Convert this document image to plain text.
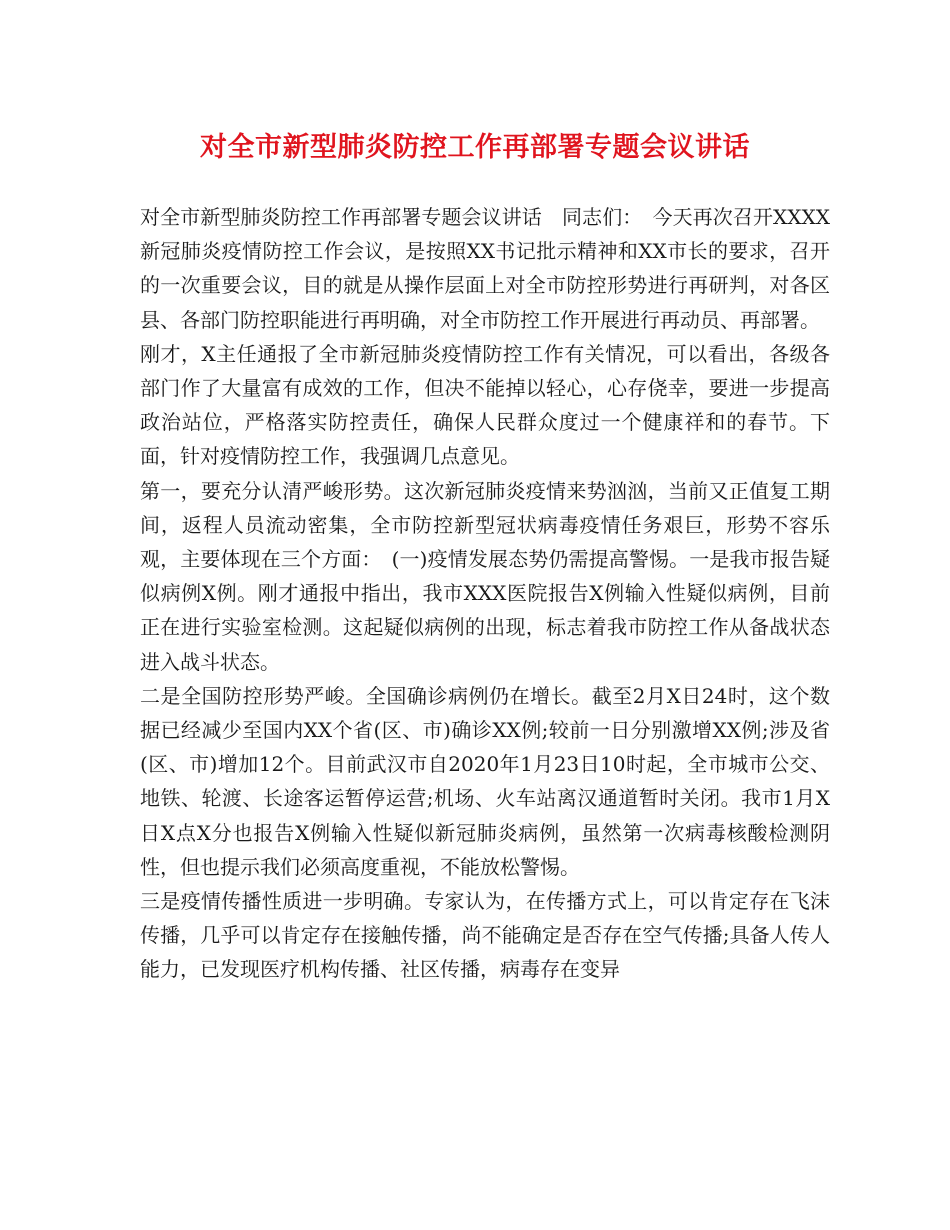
对全市新型肺炎防控工作再部署专题会议讲话

对全市新型肺炎防控工作再部署专题会议讲话　同志们：　今天再次召开XXXX新冠肺炎疫情防控工作会议，是按照XX书记批示精神和XX市长的要求，召开的一次重要会议，目的就是从操作层面上对全市防控形势进行再研判，对各区县、各部门防控职能进行再明确，对全市防控工作开展进行再动员、再部署。

刚才，X主任通报了全市新冠肺炎疫情防控工作有关情况，可以看出，各级各部门作了大量富有成效的工作，但决不能掉以轻心，心存侥幸，要进一步提高政治站位，严格落实防控责任，确保人民群众度过一个健康祥和的春节。下面，针对疫情防控工作，我强调几点意见。

第一，要充分认清严峻形势。这次新冠肺炎疫情来势汹汹，当前又正值复工期间，返程人员流动密集，全市防控新型冠状病毒疫情任务艰巨，形势不容乐观，主要体现在三个方面：　(一)疫情发展态势仍需提高警惕。一是我市报告疑似病例X例。刚才通报中指出，我市XXX医院报告X例输入性疑似病例，目前正在进行实验室检测。这起疑似病例的出现，标志着我市防控工作从备战状态进入战斗状态。

二是全国防控形势严峻。全国确诊病例仍在增长。截至2月X日24时，这个数据已经减少至国内XX个省(区、市)确诊XX例;较前一日分别激增XX例;涉及省(区、市)增加12个。目前武汉市自2020年1月23日10时起，全市城市公交、地铁、轮渡、长途客运暂停运营;机场、火车站离汉通道暂时关闭。我市1月X日X点X分也报告X例输入性疑似新冠肺炎病例，虽然第一次病毒核酸检测阴性，但也提示我们必须高度重视，不能放松警惕。

三是疫情传播性质进一步明确。专家认为，在传播方式上，可以肯定存在飞沫传播，几乎可以肯定存在接触传播，尚不能确定是否存在空气传播;具备人传人能力，已发现医疗机构传播、社区传播，病毒存在变异
